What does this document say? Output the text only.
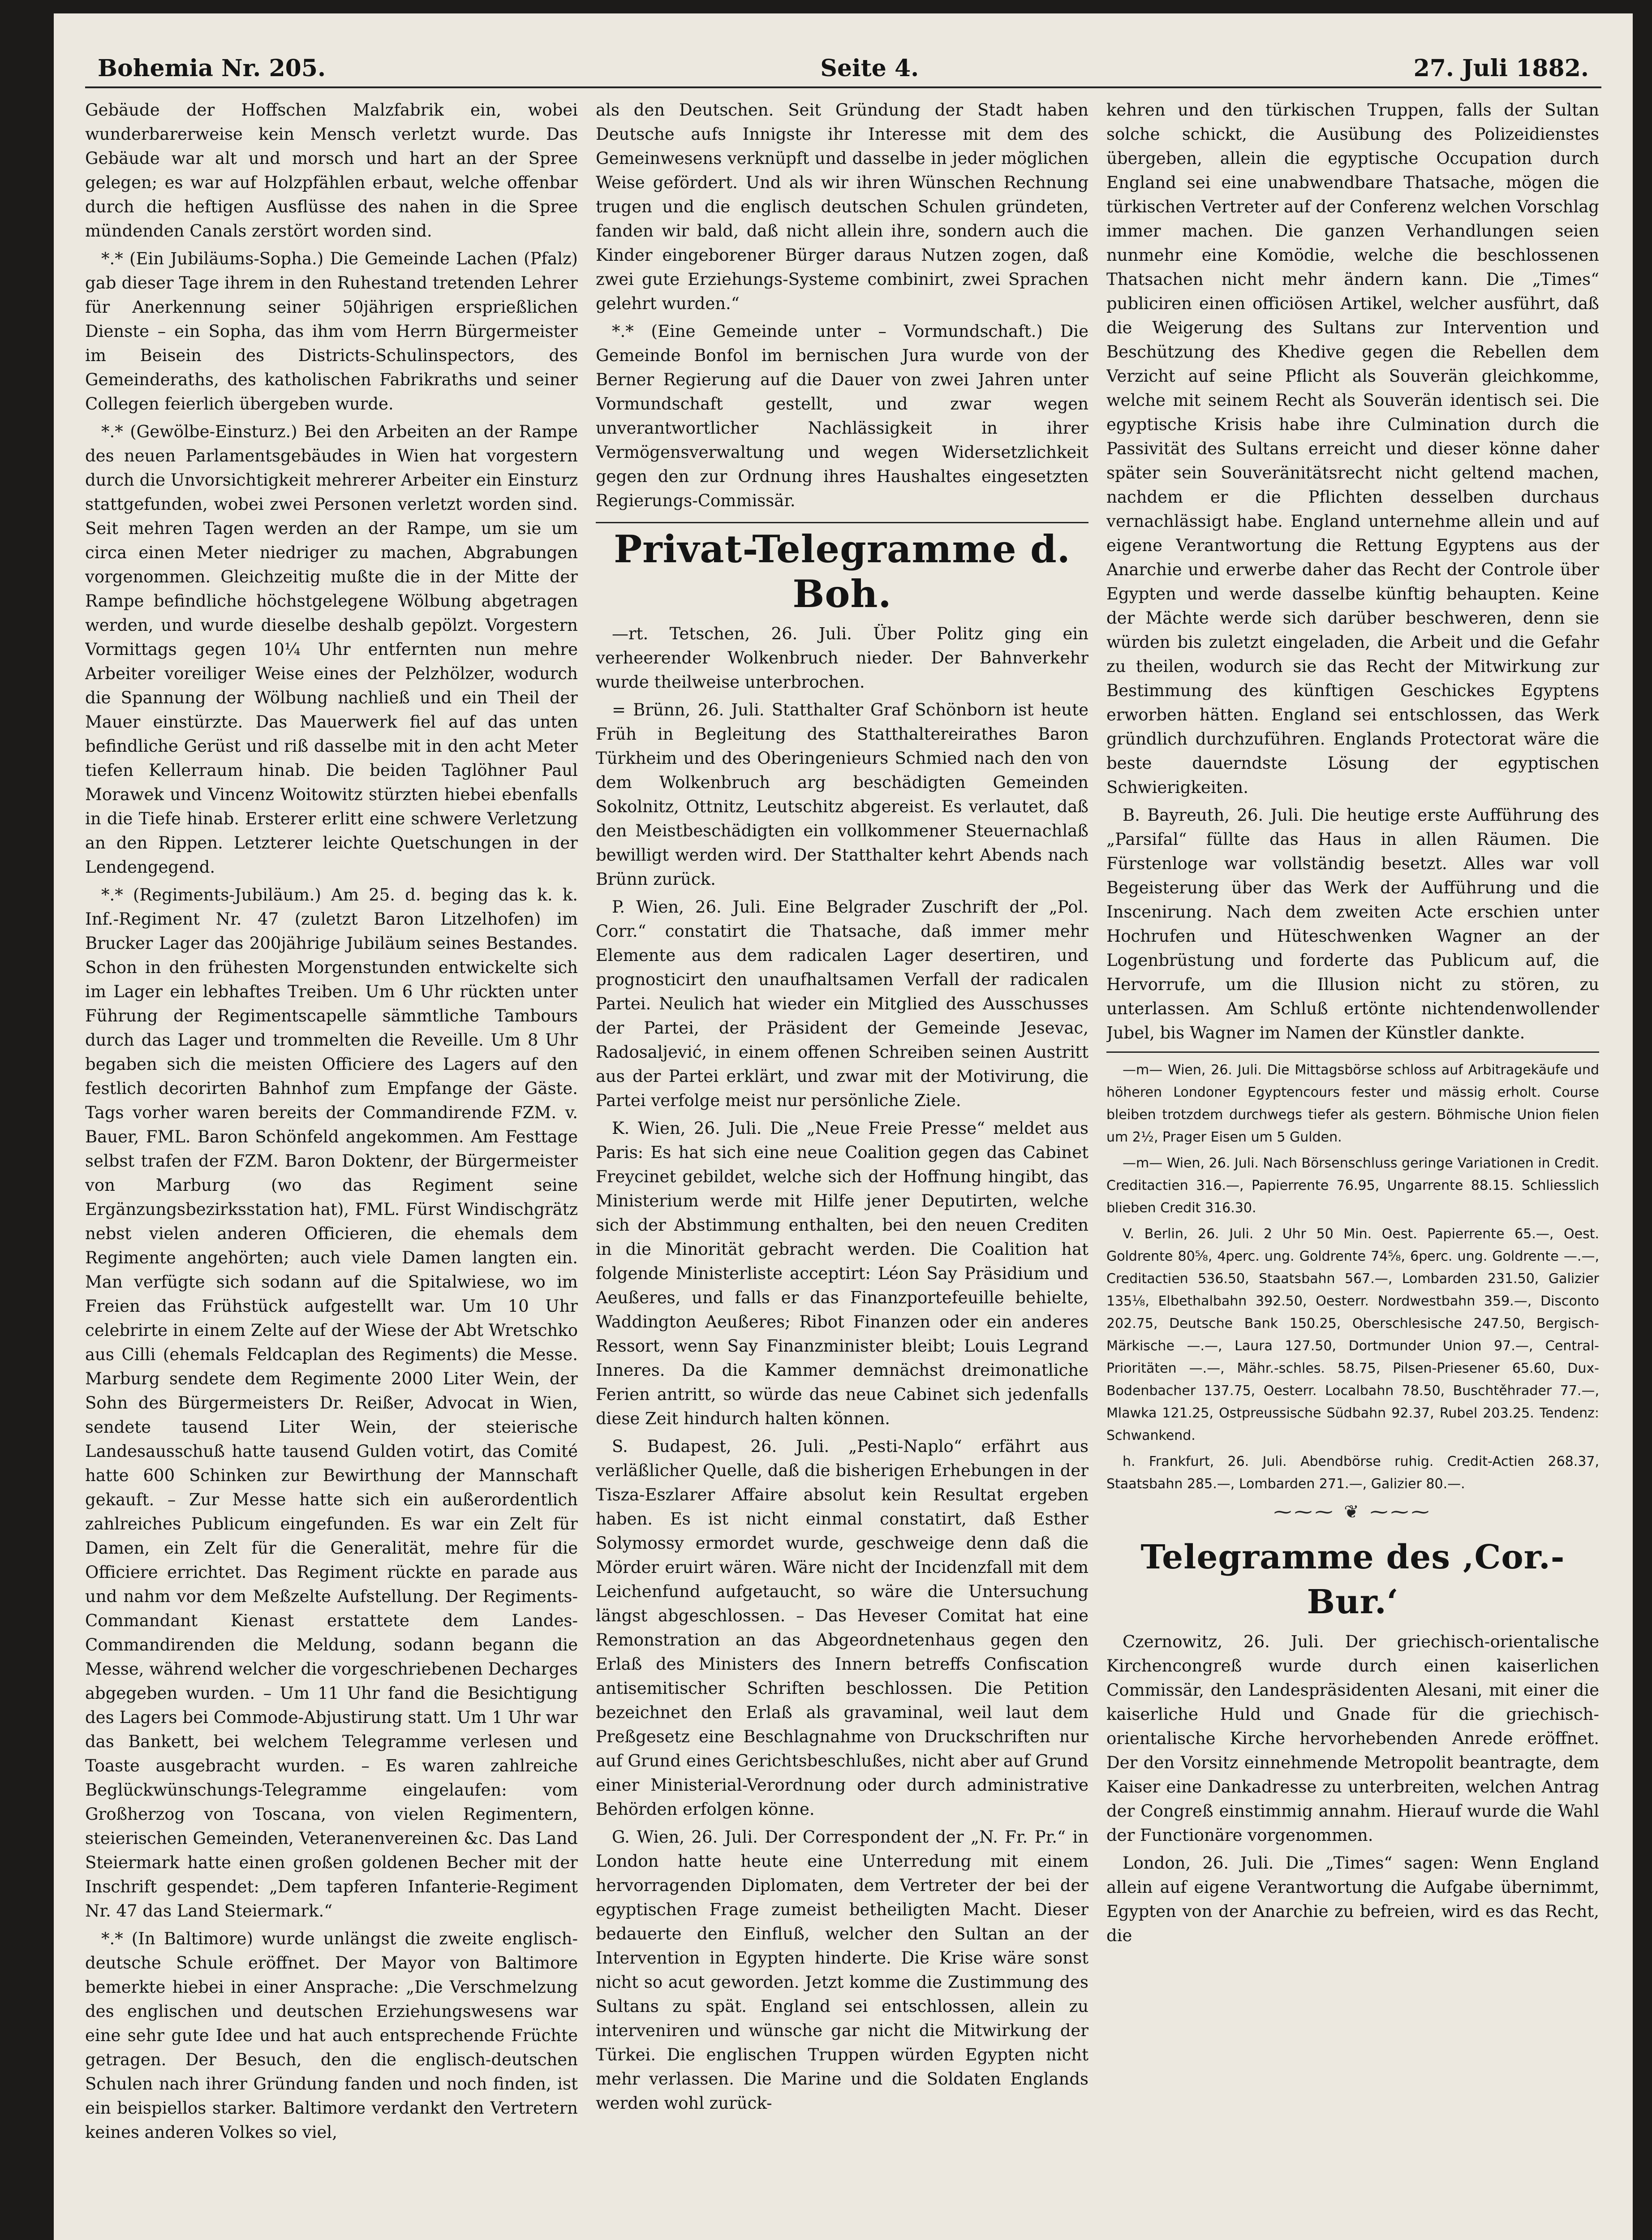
Bohemia Nr. 205.	Seite 4.	27. Juli 1882.

Gebäude der Hoffschen Malzfabrik ein, wobei wunderbarerweise kein Mensch verletzt wurde. Das Gebäude war alt und morsch und hart an der Spree gelegen; es war auf Holzpfählen erbaut, welche offenbar durch die heftigen Ausflüsse des nahen in die Spree mündenden Canals zerstört worden sind.

*.* (Ein Jubiläums-Sopha.) Die Gemeinde Lachen (Pfalz) gab dieser Tage ihrem in den Ruhestand tretenden Lehrer für Anerkennung seiner 50jährigen ersprießlichen Dienste – ein Sopha, das ihm vom Herrn Bürgermeister im Beisein des Districts-Schulinspectors, des Gemeinderaths, des katholischen Fabrikraths und seiner Collegen feierlich übergeben wurde.

*.* (Gewölbe-Einsturz.) Bei den Arbeiten an der Rampe des neuen Parlamentsgebäudes in Wien hat vorgestern durch die Unvorsichtigkeit mehrerer Arbeiter ein Einsturz stattgefunden, wobei zwei Personen verletzt worden sind. Seit mehren Tagen werden an der Rampe, um sie um circa einen Meter niedriger zu machen, Abgrabungen vorgenommen. Gleichzeitig mußte die in der Mitte der Rampe befindliche höchstgelegene Wölbung abgetragen werden, und wurde dieselbe deshalb gepölzt. Vorgestern Vormittags gegen 10¼ Uhr entfernten nun mehre Arbeiter voreiliger Weise eines der Pelzhölzer, wodurch die Spannung der Wölbung nachließ und ein Theil der Mauer einstürzte. Das Mauerwerk fiel auf das unten befindliche Gerüst und riß dasselbe mit in den acht Meter tiefen Kellerraum hinab. Die beiden Taglöhner Paul Morawek und Vincenz Woitowitz stürzten hiebei ebenfalls in die Tiefe hinab. Ersterer erlitt eine schwere Verletzung an den Rippen. Letzterer leichte Quetschungen in der Lendengegend.

*.* (Regiments-Jubiläum.) Am 25. d. beging das k. k. Inf.-Regiment Nr. 47 (zuletzt Baron Litzelhofen) im Brucker Lager das 200jährige Jubiläum seines Bestandes. Schon in den frühesten Morgenstunden entwickelte sich im Lager ein lebhaftes Treiben. Um 6 Uhr rückten unter Führung der Regimentscapelle sämmtliche Tambours durch das Lager und trommelten die Reveille. Um 8 Uhr begaben sich die meisten Officiere des Lagers auf den festlich decorirten Bahnhof zum Empfange der Gäste. Tags vorher waren bereits der Commandirende FZM. v. Bauer, FML. Baron Schönfeld angekommen. Am Festtage selbst trafen der FZM. Baron Doktenr, der Bürgermeister von Marburg (wo das Regiment seine Ergänzungsbezirksstation hat), FML. Fürst Windischgrätz nebst vielen anderen Officieren, die ehemals dem Regimente angehörten; auch viele Damen langten ein. Man verfügte sich sodann auf die Spitalwiese, wo im Freien das Frühstück aufgestellt war. Um 10 Uhr celebrirte in einem Zelte auf der Wiese der Abt Wretschko aus Cilli (ehemals Feldcaplan des Regiments) die Messe. Marburg sendete dem Regimente 2000 Liter Wein, der Sohn des Bürgermeisters Dr. Reißer, Advocat in Wien, sendete tausend Liter Wein, der steierische Landesausschuß hatte tausend Gulden votirt, das Comité hatte 600 Schinken zur Bewirthung der Mannschaft gekauft. – Zur Messe hatte sich ein außerordentlich zahlreiches Publicum eingefunden. Es war ein Zelt für Damen, ein Zelt für die Generalität, mehre für die Officiere errichtet. Das Regiment rückte en parade aus und nahm vor dem Meßzelte Aufstellung. Der Regiments-Commandant Kienast erstattete dem Landes-Commandirenden die Meldung, sodann begann die Messe, während welcher die vorgeschriebenen Decharges abgegeben wurden. – Um 11 Uhr fand die Besichtigung des Lagers bei Commode-Abjustirung statt. Um 1 Uhr war das Bankett, bei welchem Telegramme verlesen und Toaste ausgebracht wurden. – Es waren zahlreiche Beglückwünschungs-Telegramme eingelaufen: vom Großherzog von Toscana, von vielen Regimentern, steierischen Gemeinden, Veteranenvereinen &c. Das Land Steiermark hatte einen großen goldenen Becher mit der Inschrift gespendet: „Dem tapferen Infanterie-Regiment Nr. 47 das Land Steiermark.“

*.* (In Baltimore) wurde unlängst die zweite englisch-deutsche Schule eröffnet. Der Mayor von Baltimore bemerkte hiebei in einer Ansprache: „Die Verschmelzung des englischen und deutschen Erziehungswesens war eine sehr gute Idee und hat auch entsprechende Früchte getragen. Der Besuch, den die englisch-deutschen Schulen nach ihrer Gründung fanden und noch finden, ist ein beispiellos starker. Baltimore verdankt den Vertretern keines anderen Volkes so viel,

als den Deutschen. Seit Gründung der Stadt haben Deutsche aufs Innigste ihr Interesse mit dem des Gemeinwesens verknüpft und dasselbe in jeder möglichen Weise gefördert. Und als wir ihren Wünschen Rechnung trugen und die englisch deutschen Schulen gründeten, fanden wir bald, daß nicht allein ihre, sondern auch die Kinder eingeborener Bürger daraus Nutzen zogen, daß zwei gute Erziehungs-Systeme combinirt, zwei Sprachen gelehrt wurden.“

*.* (Eine Gemeinde unter – Vormundschaft.) Die Gemeinde Bonfol im bernischen Jura wurde von der Berner Regierung auf die Dauer von zwei Jahren unter Vormundschaft gestellt, und zwar wegen unverantwortlicher Nachlässigkeit in ihrer Vermögensverwaltung und wegen Widersetzlichkeit gegen den zur Ordnung ihres Haushaltes eingesetzten Regierungs-Commissär.

Privat-Telegramme d. Boh.

—rt. Tetschen, 26. Juli. Über Politz ging ein verheerender Wolkenbruch nieder. Der Bahnverkehr wurde theilweise unterbrochen.

= Brünn, 26. Juli. Statthalter Graf Schönborn ist heute Früh in Begleitung des Statthaltereirathes Baron Türkheim und des Oberingenieurs Schmied nach den von dem Wolkenbruch arg beschädigten Gemeinden Sokolnitz, Ottnitz, Leutschitz abgereist. Es verlautet, daß den Meistbeschädigten ein vollkommener Steuernachlaß bewilligt werden wird. Der Statthalter kehrt Abends nach Brünn zurück.

P. Wien, 26. Juli. Eine Belgrader Zuschrift der „Pol. Corr.“ constatirt die Thatsache, daß immer mehr Elemente aus dem radicalen Lager desertiren, und prognosticirt den unaufhaltsamen Verfall der radicalen Partei. Neulich hat wieder ein Mitglied des Ausschusses der Partei, der Präsident der Gemeinde Jesevac, Radosaljević, in einem offenen Schreiben seinen Austritt aus der Partei erklärt, und zwar mit der Motivirung, die Partei verfolge meist nur persönliche Ziele.

K. Wien, 26. Juli. Die „Neue Freie Presse“ meldet aus Paris: Es hat sich eine neue Coalition gegen das Cabinet Freycinet gebildet, welche sich der Hoffnung hingibt, das Ministerium werde mit Hilfe jener Deputirten, welche sich der Abstimmung enthalten, bei den neuen Crediten in die Minorität gebracht werden. Die Coalition hat folgende Ministerliste acceptirt: Léon Say Präsidium und Aeußeres, und falls er das Finanzportefeuille behielte, Waddington Aeußeres; Ribot Finanzen oder ein anderes Ressort, wenn Say Finanzminister bleibt; Louis Legrand Inneres. Da die Kammer demnächst dreimonatliche Ferien antritt, so würde das neue Cabinet sich jedenfalls diese Zeit hindurch halten können.

S. Budapest, 26. Juli. „Pesti-Naplo“ erfährt aus verläßlicher Quelle, daß die bisherigen Erhebungen in der Tisza-Eszlarer Affaire absolut kein Resultat ergeben haben. Es ist nicht einmal constatirt, daß Esther Solymossy ermordet wurde, geschweige denn daß die Mörder eruirt wären. Wäre nicht der Incidenzfall mit dem Leichenfund aufgetaucht, so wäre die Untersuchung längst abgeschlossen. – Das Heveser Comitat hat eine Remonstration an das Abgeordnetenhaus gegen den Erlaß des Ministers des Innern betreffs Confiscation antisemitischer Schriften beschlossen. Die Petition bezeichnet den Erlaß als gravaminal, weil laut dem Preßgesetz eine Beschlagnahme von Druckschriften nur auf Grund eines Gerichtsbeschlußes, nicht aber auf Grund einer Ministerial-Verordnung oder durch administrative Behörden erfolgen könne.

G. Wien, 26. Juli. Der Correspondent der „N. Fr. Pr.“ in London hatte heute eine Unterredung mit einem hervorragenden Diplomaten, dem Vertreter der bei der egyptischen Frage zumeist betheiligten Macht. Dieser bedauerte den Einfluß, welcher den Sultan an der Intervention in Egypten hinderte. Die Krise wäre sonst nicht so acut geworden. Jetzt komme die Zustimmung des Sultans zu spät. England sei entschlossen, allein zu interveniren und wünsche gar nicht die Mitwirkung der Türkei. Die englischen Truppen würden Egypten nicht mehr verlassen. Die Marine und die Soldaten Englands werden wohl zurück-

kehren und den türkischen Truppen, falls der Sultan solche schickt, die Ausübung des Polizeidienstes übergeben, allein die egyptische Occupation durch England sei eine unabwendbare Thatsache, mögen die türkischen Vertreter auf der Conferenz welchen Vorschlag immer machen. Die ganzen Verhandlungen seien nunmehr eine Komödie, welche die beschlossenen Thatsachen nicht mehr ändern kann. Die „Times“ publiciren einen officiösen Artikel, welcher ausführt, daß die Weigerung des Sultans zur Intervention und Beschützung des Khedive gegen die Rebellen dem Verzicht auf seine Pflicht als Souverän gleichkomme, welche mit seinem Recht als Souverän identisch sei. Die egyptische Krisis habe ihre Culmination durch die Passivität des Sultans erreicht und dieser könne daher später sein Souveränitätsrecht nicht geltend machen, nachdem er die Pflichten desselben durchaus vernachlässigt habe. England unternehme allein und auf eigene Verantwortung die Rettung Egyptens aus der Anarchie und erwerbe daher das Recht der Controle über Egypten und werde dasselbe künftig behaupten. Keine der Mächte werde sich darüber beschweren, denn sie würden bis zuletzt eingeladen, die Arbeit und die Gefahr zu theilen, wodurch sie das Recht der Mitwirkung zur Bestimmung des künftigen Geschickes Egyptens erworben hätten. England sei entschlossen, das Werk gründlich durchzuführen. Englands Protectorat wäre die beste dauerndste Lösung der egyptischen Schwierigkeiten.

B. Bayreuth, 26. Juli. Die heutige erste Aufführung des „Parsifal“ füllte das Haus in allen Räumen. Die Fürstenloge war vollständig besetzt. Alles war voll Begeisterung über das Werk der Aufführung und die Inscenirung. Nach dem zweiten Acte erschien unter Hochrufen und Hüteschwenken Wagner an der Logenbrüstung und forderte das Publicum auf, die Hervorrufe, um die Illusion nicht zu stören, zu unterlassen. Am Schluß ertönte nichtendenwollender Jubel, bis Wagner im Namen der Künstler dankte.

—m— Wien, 26. Juli. Die Mittagsbörse schloss auf Arbitragekäufe und höheren Londoner Egyptencours fester und mässig erholt. Course bleiben trotzdem durchwegs tiefer als gestern. Böhmische Union fielen um 2½, Prager Eisen um 5 Gulden.

—m— Wien, 26. Juli. Nach Börsenschluss geringe Variationen in Credit. Creditactien 316.—, Papierrente 76.95, Ungarrente 88.15. Schliesslich blieben Credit 316.30.

V. Berlin, 26. Juli. 2 Uhr 50 Min. Oest. Papierrente 65.—, Oest. Goldrente 80⅝, 4perc. ung. Goldrente 74⅝, 6perc. ung. Goldrente —.—, Creditactien 536.50, Staatsbahn 567.—, Lombarden 231.50, Galizier 135⅛, Elbethalbahn 392.50, Oesterr. Nordwestbahn 359.—, Disconto 202.75, Deutsche Bank 150.25, Oberschlesische 247.50, Bergisch-Märkische —.—, Laura 127.50, Dortmunder Union 97.—, Central-Prioritäten —.—, Mähr.-schles. 58.75, Pilsen-Priesener 65.60, Dux-Bodenbacher 137.75, Oesterr. Localbahn 78.50, Buschtěhrader 77.—, Mlawka 121.25, Ostpreussische Südbahn 92.37, Rubel 203.25. Tendenz: Schwankend.

h. Frankfurt, 26. Juli. Abendbörse ruhig. Credit-Actien 268.37, Staatsbahn 285.—, Lombarden 271.—, Galizier 80.—.

⁓⁓⁓ ❦ ⁓⁓⁓
Telegramme des ‚Cor.-Bur.‘

Czernowitz, 26. Juli. Der griechisch-orientalische Kirchencongreß wurde durch einen kaiserlichen Commissär, den Landespräsidenten Alesani, mit einer die kaiserliche Huld und Gnade für die griechisch-orientalische Kirche hervorhebenden Anrede eröffnet. Der den Vorsitz einnehmende Metropolit beantragte, dem Kaiser eine Dankadresse zu unterbreiten, welchen Antrag der Congreß einstimmig annahm. Hierauf wurde die Wahl der Functionäre vorgenommen.

London, 26. Juli. Die „Times“ sagen: Wenn England allein auf eigene Verantwortung die Aufgabe übernimmt, Egypten von der Anarchie zu befreien, wird es das Recht, die
